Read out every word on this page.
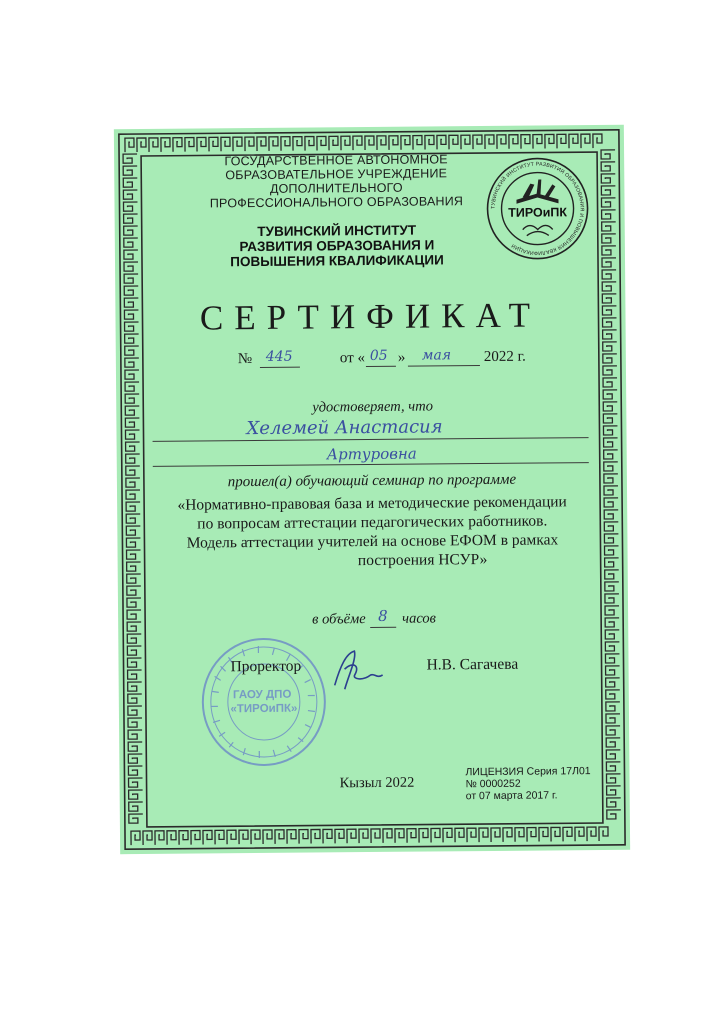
ГОСУДАРСТВЕННОЕ АВТОНОМНОЕ
ОБРАЗОВАТЕЛЬНОЕ УЧРЕЖДЕНИЕ
ДОПОЛНИТЕЛЬНОГО
ПРОФЕССИОНАЛЬНОГО ОБРАЗОВАНИЯ
ТУВИНСКИЙ ИНСТИТУТ
РАЗВИТИЯ ОБРАЗОВАНИЯ И
ПОВЫШЕНИЯ КВАЛИФИКАЦИИ
ТУВИНСКИЙ ИНСТИТУТ РАЗВИТИЯ ОБРАЗОВАНИЯ И ПОВЫШЕНИЯ КВАЛИФИКАЦИИ
ТИРОиПК
СЕРТИФИКАТ
№ 445	от « 05 » мая 2022 г.
удостоверяет, что
Хелемей Анастасия
Артуровна
прошел(а) обучающий семинар по программе
«Нормативно-правовая база и методические рекомендации
по вопросам аттестации педагогических работников.
Модель аттестации учителей на основе ЕФОМ в рамках
построения НСУР»
в объёме 8 часов
ГАОУ ДПО «ТИРОиПК»
Проректор	Н.В. Сагачева
Кызыл 2022
ЛИЦЕНЗИЯ Серия 17Л01
№ 0000252
от 07 марта 2017 г.
